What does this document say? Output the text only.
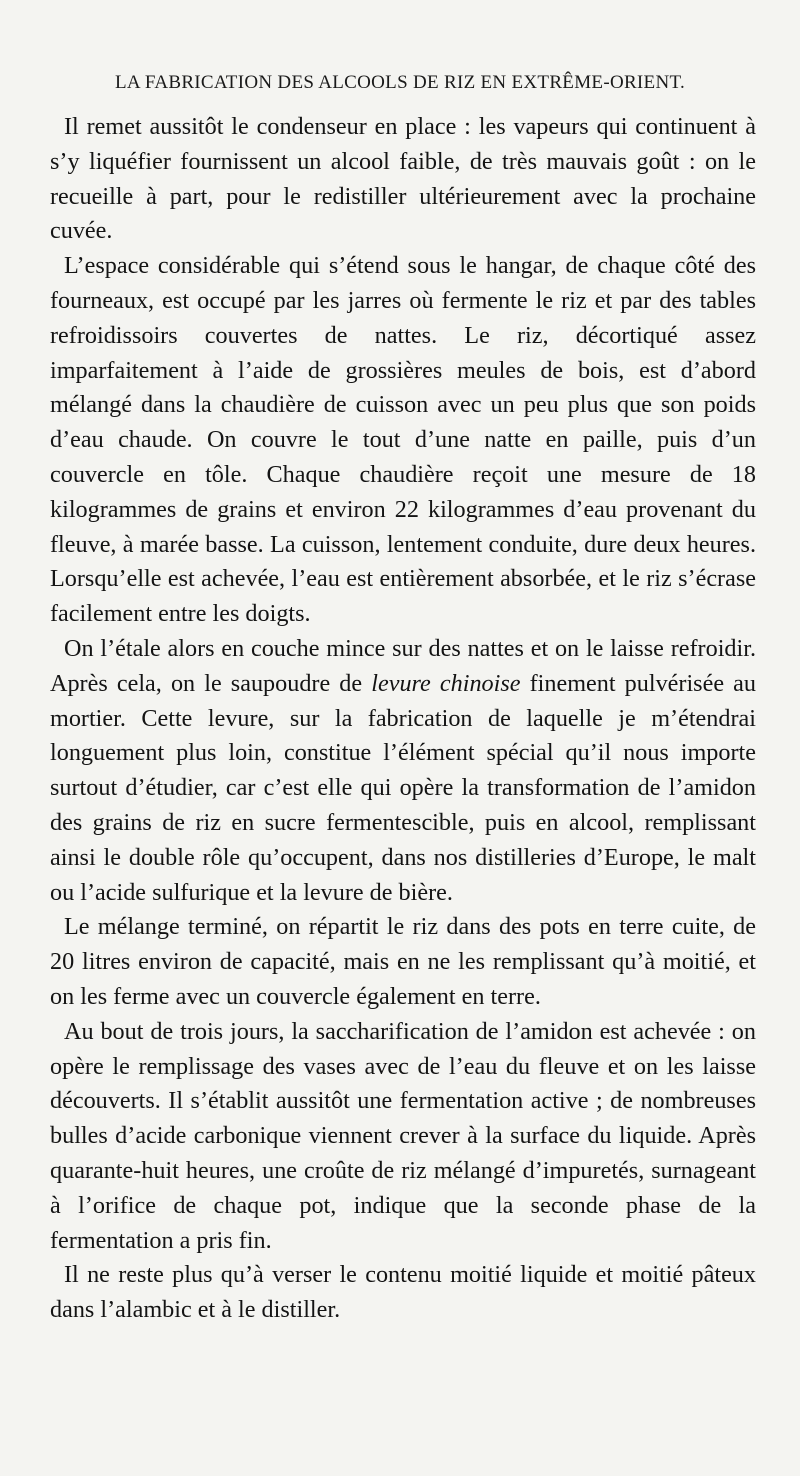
LA FABRICATION DES ALCOOLS DE RIZ EN EXTRÊME-ORIENT.

Il remet aussitôt le condenseur en place : les vapeurs qui continuent à s’y liquéfier fournissent un alcool faible, de très mauvais goût : on le recueille à part, pour le redistiller ultérieurement avec la prochaine cuvée.

L’espace considérable qui s’étend sous le hangar, de chaque côté des fourneaux, est occupé par les jarres où fermente le riz et par des tables refroidissoirs couvertes de nattes. Le riz, décortiqué assez imparfaitement à l’aide de grossières meules de bois, est d’abord mélangé dans la chaudière de cuisson avec un peu plus que son poids d’eau chaude. On couvre le tout d’une natte en paille, puis d’un couvercle en tôle. Chaque chaudière reçoit une mesure de 18 kilogrammes de grains et environ 22 kilogrammes d’eau provenant du fleuve, à marée basse. La cuisson, lentement conduite, dure deux heures. Lorsqu’elle est achevée, l’eau est entièrement absorbée, et le riz s’écrase facilement entre les doigts.

On l’étale alors en couche mince sur des nattes et on le laisse refroidir. Après cela, on le saupoudre de levure chinoise finement pulvérisée au mortier. Cette levure, sur la fabrication de laquelle je m’étendrai longuement plus loin, constitue l’élément spécial qu’il nous importe surtout d’étudier, car c’est elle qui opère la transformation de l’amidon des grains de riz en sucre fermentescible, puis en alcool, remplissant ainsi le double rôle qu’occupent, dans nos distilleries d’Europe, le malt ou l’acide sulfurique et la levure de bière.

Le mélange terminé, on répartit le riz dans des pots en terre cuite, de 20 litres environ de capacité, mais en ne les remplissant qu’à moitié, et on les ferme avec un couvercle également en terre.

Au bout de trois jours, la saccharification de l’amidon est achevée : on opère le remplissage des vases avec de l’eau du fleuve et on les laisse découverts. Il s’établit aussitôt une fermentation active ; de nombreuses bulles d’acide carbonique viennent crever à la surface du liquide. Après quarante-huit heures, une croûte de riz mélangé d’impuretés, surnageant à l’orifice de chaque pot, indique que la seconde phase de la fermentation a pris fin.

Il ne reste plus qu’à verser le contenu moitié liquide et moitié pâteux dans l’alambic et à le distiller.
